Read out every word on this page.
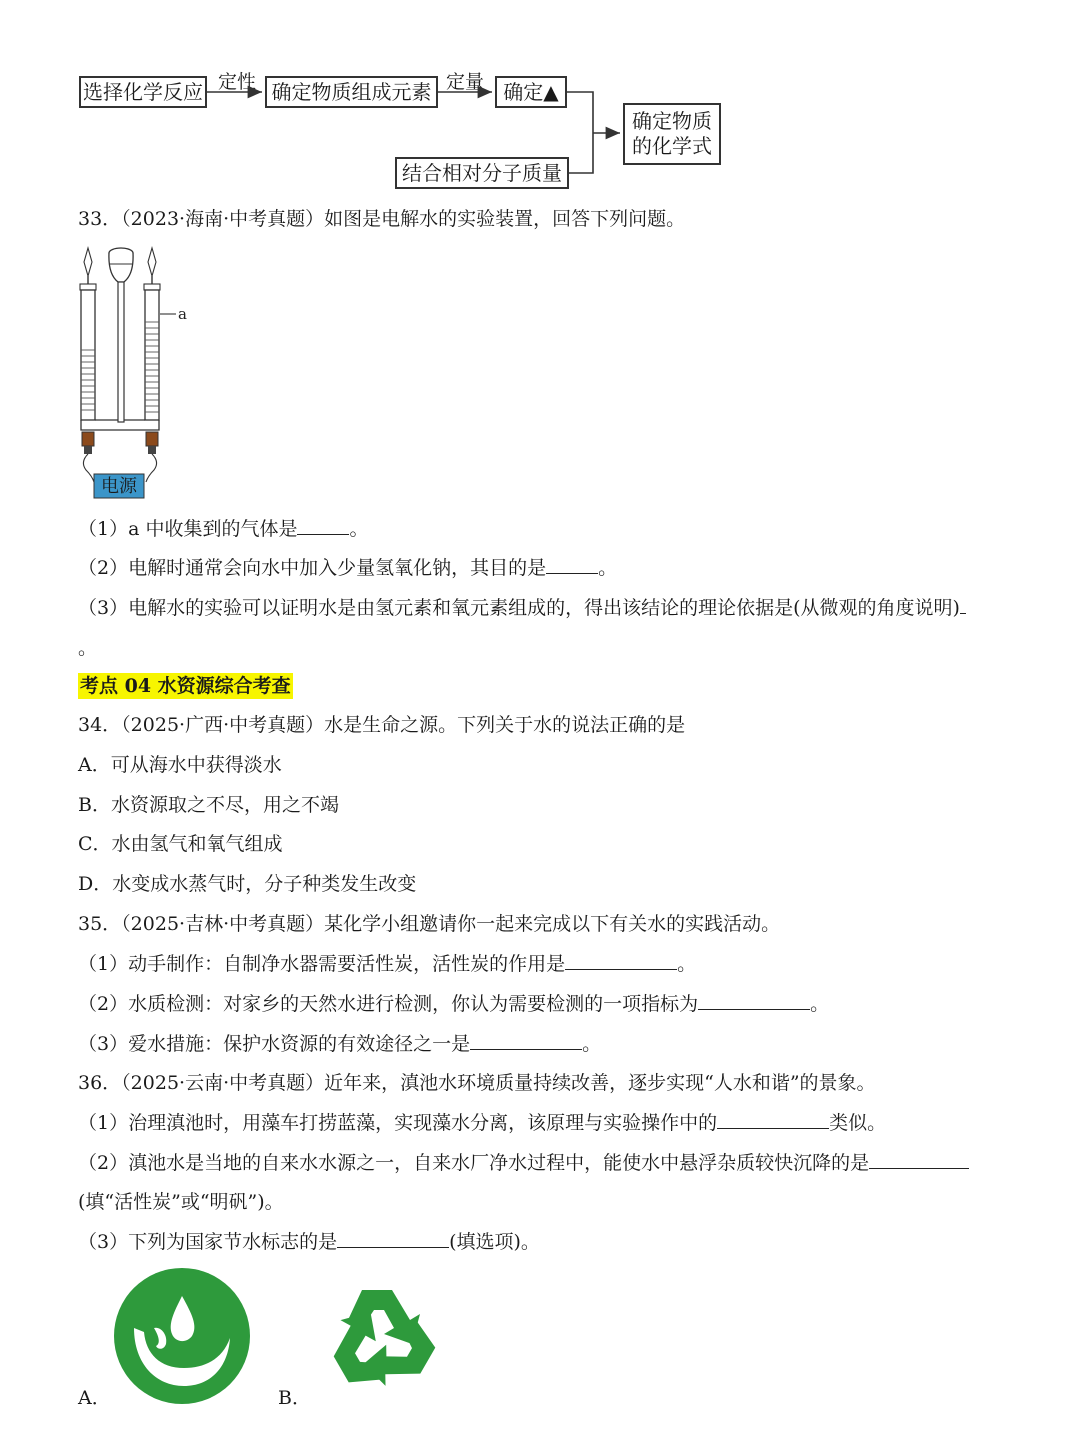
选择化学反应 定性 确定物质组成元素 定量 确定▲
结合相对分子质量
确定物质
的化学式
33．（2023·海南·中考真题）如图是电解水的实验装置，回答下列问题。
a
电源
（1）a 中收集到的气体是	。
（2）电解时通常会向水中加入少量氢氧化钠，其目的是	。
（3）电解水的实验可以证明水是由氢元素和氧元素组成的，得出该结论的理论依据是(从微观的角度说明)
。
考点 04 水资源综合考查
34．（2025·广西·中考真题）水是生命之源。下列关于水的说法正确的是
A．可从海水中获得淡水
B．水资源取之不尽，用之不竭
C．水由氢气和氧气组成
D．水变成水蒸气时，分子种类发生改变
35．（2025·吉林·中考真题）某化学小组邀请你一起来完成以下有关水的实践活动。
（1）动手制作：自制净水器需要活性炭，活性炭的作用是	。
（2）水质检测：对家乡的天然水进行检测，你认为需要检测的一项指标为	。
（3）爱水措施：保护水资源的有效途径之一是	。
36．（2025·云南·中考真题）近年来，滇池水环境质量持续改善，逐步实现“人水和谐”的景象。
（1）治理滇池时，用藻车打捞蓝藻，实现藻水分离，该原理与实验操作中的	类似。
（2）滇池水是当地的自来水水源之一，自来水厂净水过程中，能使水中悬浮杂质较快沉降的是
(填“活性炭”或“明矾”)。
（3）下列为国家节水标志的是	(填选项)。
A．	B．
